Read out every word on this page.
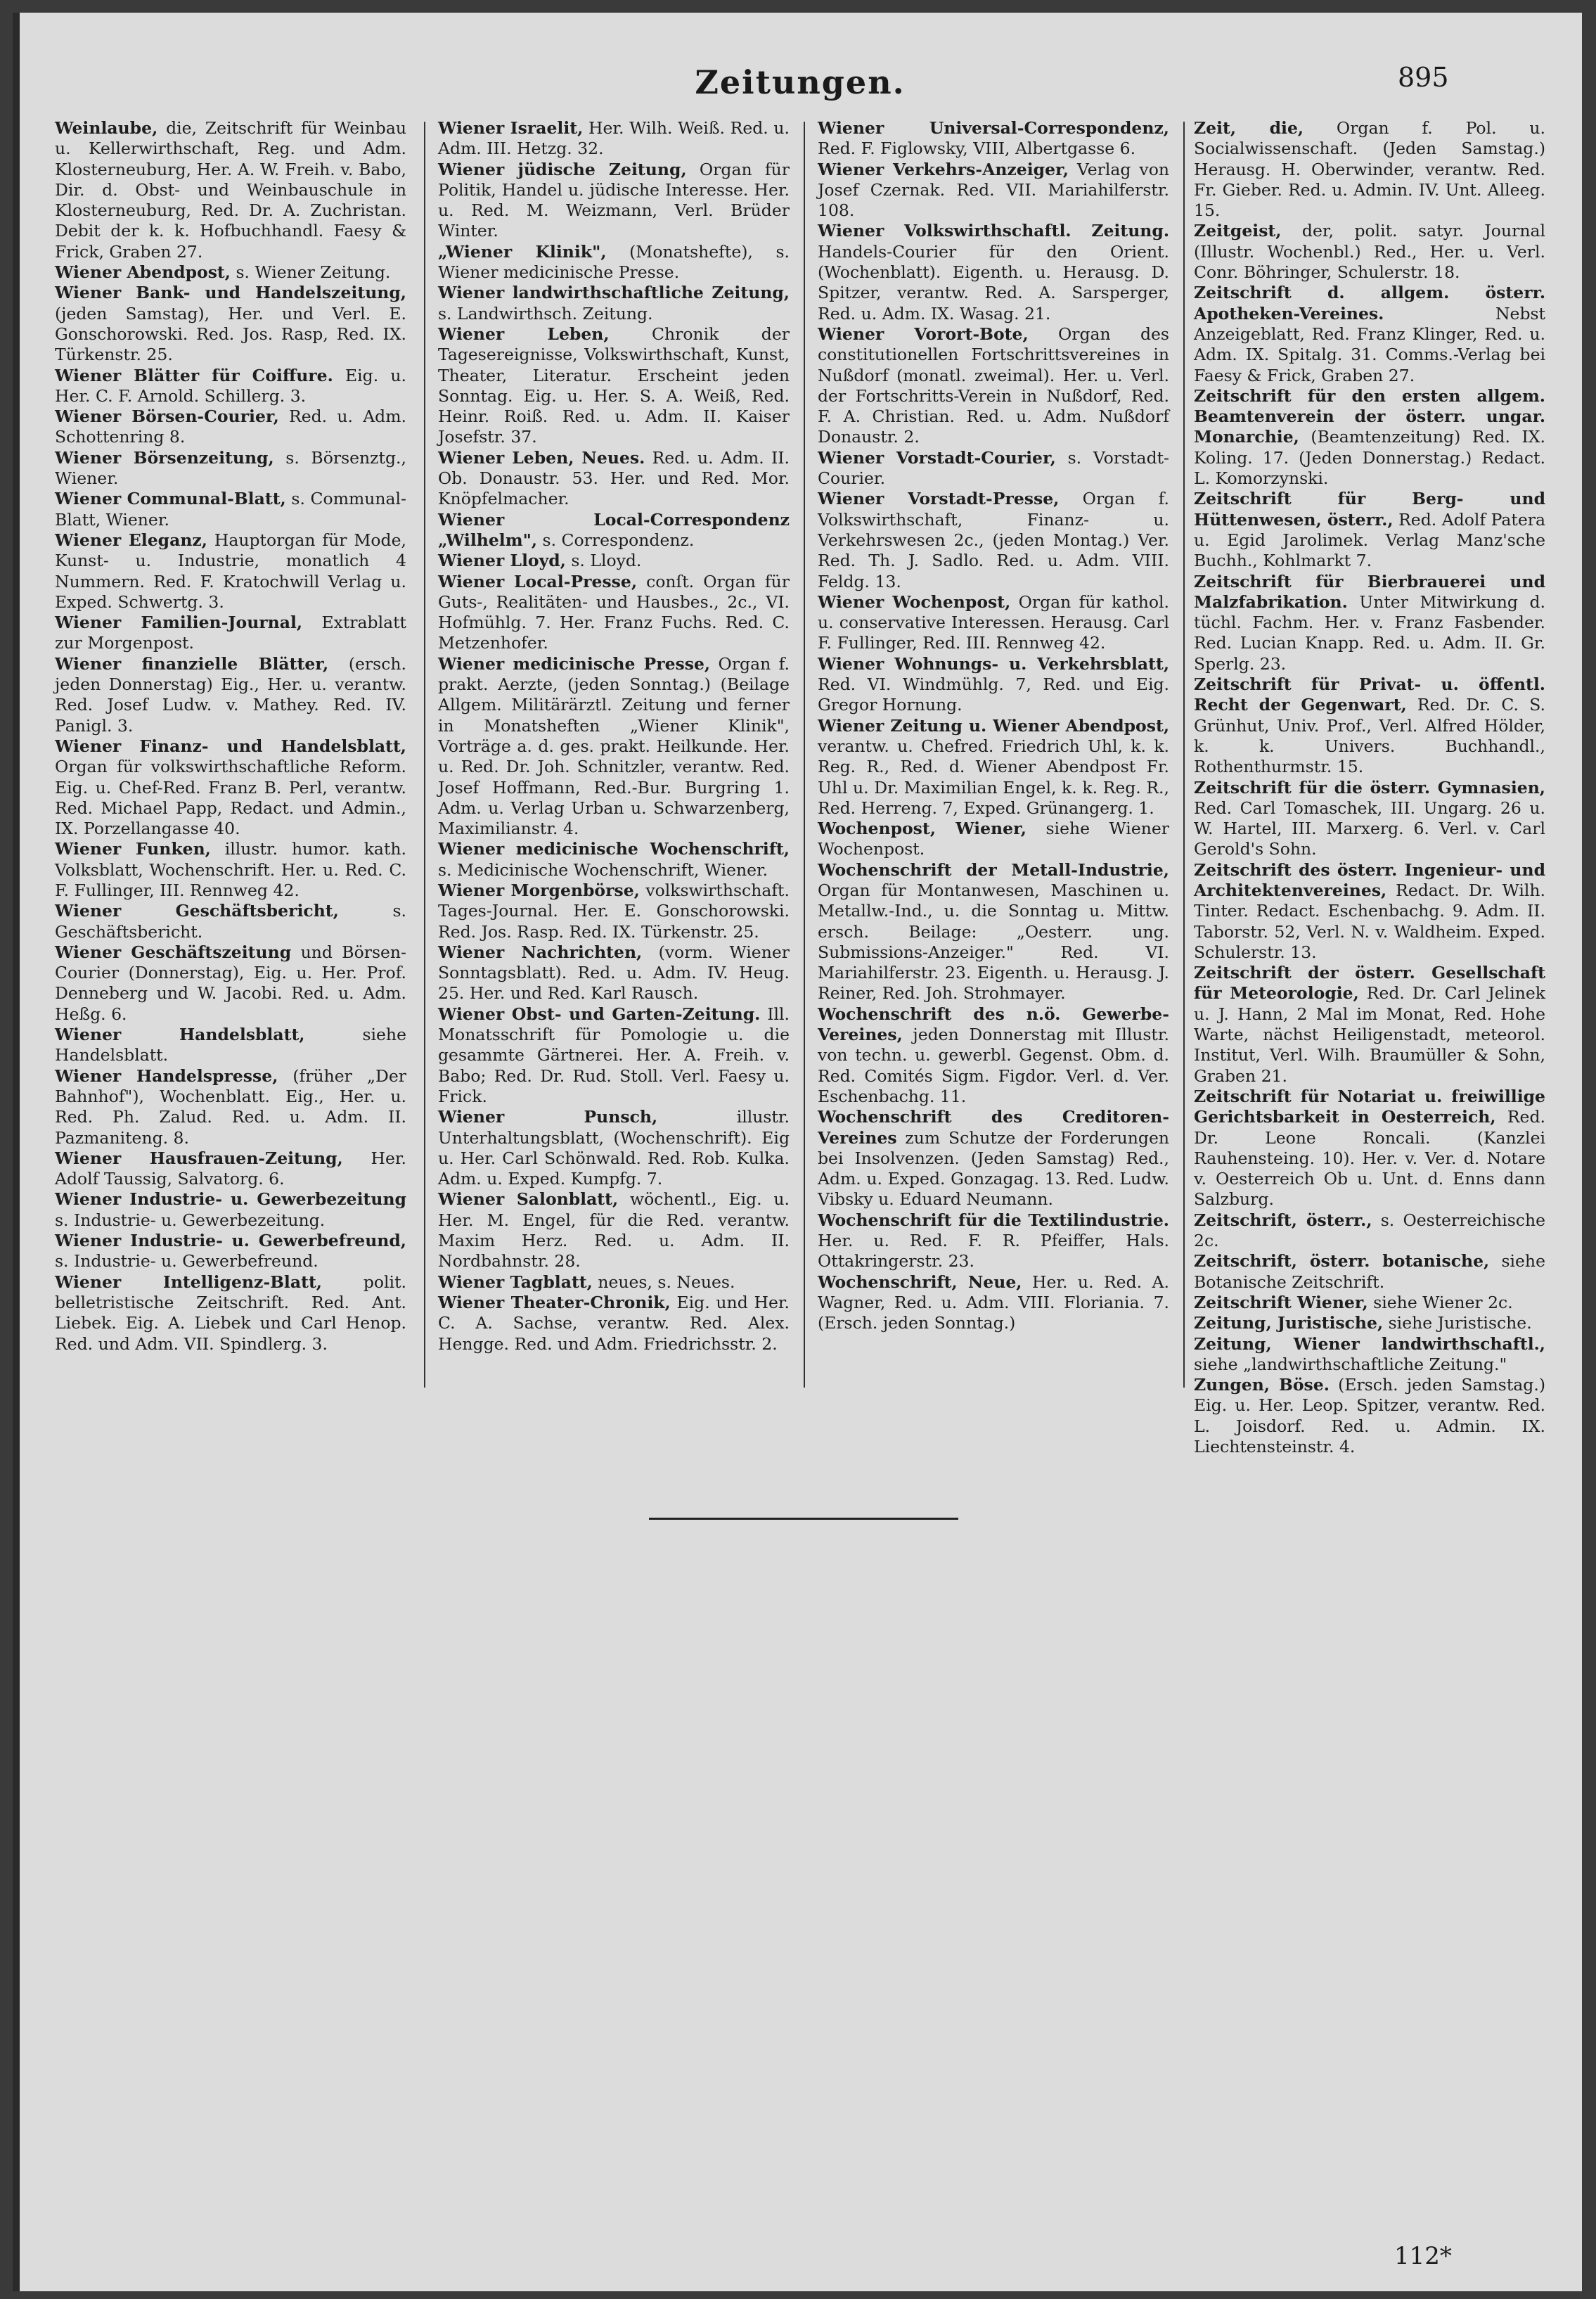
Zeitungen.	895

Weinlaube, die, Zeitschrift für Weinbau u. Kellerwirthschaft, Reg. und Adm. Klosterneuburg, Her. A. W. Freih. v. Babo, Dir. d. Obst- und Weinbauschule in Klosterneuburg, Red. Dr. A. Zuchristan. Debit der k. k. Hofbuchhandl. Faesy & Frick, Graben 27.

Wiener Abendpost, s. Wiener Zeitung.

Wiener Bank- und Handelszeitung, (jeden Samstag), Her. und Verl. E. Gonschorowski. Red. Jos. Rasp, Red. IX. Türkenstr. 25.

Wiener Blätter für Coiffure. Eig. u. Her. C. F. Arnold. Schillerg. 3.

Wiener Börsen-Courier, Red. u. Adm. Schottenring 8.

Wiener Börsenzeitung, s. Börsenztg., Wiener.

Wiener Communal-Blatt, s. Communal-Blatt, Wiener.

Wiener Eleganz, Hauptorgan für Mode, Kunst- u. Industrie, monatlich 4 Nummern. Red. F. Kratochwill Verlag u. Exped. Schwertg. 3.

Wiener Familien-Journal, Extrablatt zur Morgenpost.

Wiener finanzielle Blätter, (ersch. jeden Donnerstag) Eig., Her. u. verantw. Red. Josef Ludw. v. Mathey. Red. IV. Panigl. 3.

Wiener Finanz- und Handelsblatt, Organ für volkswirthschaftliche Reform. Eig. u. Chef-Red. Franz B. Perl, verantw. Red. Michael Papp, Redact. und Admin., IX. Porzellangasse 40.

Wiener Funken, illustr. humor. kath. Volksblatt, Wochenschrift. Her. u. Red. C. F. Fullinger, III. Rennweg 42.

Wiener Geschäftsbericht,	s. Geschäftsbericht.

Wiener Geschäftszeitung und Börsen-Courier (Donnerstag), Eig. u. Her. Prof. Denneberg und W. Jacobi. Red. u. Adm. Heßg. 6.

Wiener Handelsblatt,	siehe Handelsblatt.

Wiener Handelspresse, (früher „Der Bahnhof"), Wochenblatt. Eig., Her. u. Red. Ph. Zalud. Red. u. Adm. II. Pazmaniteng. 8.

Wiener Hausfrauen-Zeitung, Her. Adolf Taussig, Salvatorg. 6.

Wiener Industrie- u. Gewerbezeitung s. Industrie- u. Gewerbezeitung.

Wiener Industrie- u. Gewerbefreund, s. Industrie- u. Gewerbefreund.

Wiener Intelligenz-Blatt,	polit. belletristische Zeitschrift. Red. Ant. Liebek. Eig. A. Liebek und Carl Henop. Red. und Adm. VII. Spindlerg. 3.

Wiener Israelit, Her. Wilh. Weiß. Red. u. Adm. III. Hetzg. 32.

Wiener jüdische Zeitung, Organ für Politik, Handel u. jüdische Interesse. Her. u. Red. M. Weizmann, Verl. Brüder Winter.

„Wiener Klinik", (Monatshefte), s. Wiener medicinische Presse.

Wiener landwirthschaftliche Zeitung, s. Landwirthsch. Zeitung.

Wiener Leben,	Chronik der Tagesereignisse, Volkswirthschaft, Kunst, Theater, Literatur. Erscheint jeden Sonntag. Eig. u. Her. S. A. Weiß, Red. Heinr. Roiß. Red. u. Adm. II. Kaiser Josefstr. 37.

Wiener Leben, Neues. Red. u. Adm. II. Ob. Donaustr. 53. Her. und Red. Mor. Knöpfelmacher.

Wiener Local-Correspondenz „Wilhelm", s. Correspondenz.

Wiener Lloyd, s. Lloyd.

Wiener Local-Presse, conſt. Organ für Guts-, Realitäten- und Hausbes., 2c., VI. Hofmühlg. 7. Her. Franz Fuchs. Red. C. Metzenhofer.

Wiener medicinische Presse, Organ f. prakt. Aerzte, (jeden Sonntag.) (Beilage Allgem. Militärärztl. Zeitung und ferner in Monatsheften „Wiener Klinik", Vorträge a. d. ges. prakt. Heilkunde. Her. u. Red. Dr. Joh. Schnitzler, verantw. Red. Josef Hoffmann, Red.-Bur. Burgring 1. Adm. u. Verlag Urban u. Schwarzenberg, Maximilianstr. 4.

Wiener medicinische Wochenschrift, s. Medicinische Wochenschrift, Wiener.

Wiener Morgenbörse, volkswirthschaft. Tages-Journal. Her. E. Gonschorowski. Red. Jos. Rasp. Red. IX. Türkenstr. 25.

Wiener Nachrichten, (vorm. Wiener Sonntagsblatt). Red. u. Adm. IV. Heug. 25. Her. und Red. Karl Rausch.

Wiener Obst- und Garten-Zeitung. Ill. Monatsschrift für Pomologie u. die gesammte Gärtnerei. Her. A. Freih. v. Babo; Red. Dr. Rud. Stoll. Verl. Faesy u. Frick.

Wiener Punsch,	illustr. Unterhaltungsblatt, (Wochenschrift). Eig u. Her. Carl Schönwald. Red. Rob. Kulka. Adm. u. Exped. Kumpfg. 7.

Wiener Salonblatt, wöchentl., Eig. u. Her. M. Engel, für die Red. verantw. Maxim Herz. Red. u. Adm. II. Nordbahnstr. 28.

Wiener Tagblatt, neues, s. Neues.

Wiener Theater-Chronik, Eig. und Her. C. A. Sachse, verantw. Red. Alex. Hengge. Red. und Adm. Friedrichsstr. 2.

Wiener Universal-Correspondenz, Red. F. Figlowsky, VIII, Albertgasse 6.

Wiener Verkehrs-Anzeiger, Verlag von Josef Czernak. Red. VII. Mariahilferstr. 108.

Wiener Volkswirthschaftl. Zeitung. Handels-Courier für den Orient. (Wochenblatt). Eigenth. u. Herausg. D. Spitzer, verantw. Red. A. Sarsperger, Red. u. Adm. IX. Wasag. 21.

Wiener Vorort-Bote, Organ des constitutionellen Fortschrittsvereines in Nußdorf (monatl. zweimal). Her. u. Verl. der Fortschritts-Verein in Nußdorf, Red. F. A. Christian. Red. u. Adm. Nußdorf Donaustr. 2.

Wiener Vorstadt-Courier, s. Vorstadt-Courier.

Wiener Vorstadt-Presse, Organ f. Volkswirthschaft, Finanz- u. Verkehrswesen 2c., (jeden Montag.) Ver. Red. Th. J. Sadlo. Red. u. Adm. VIII. Feldg. 13.

Wiener Wochenpost, Organ für kathol. u. conservative Interessen. Herausg. Carl F. Fullinger, Red. III. Rennweg 42.

Wiener Wohnungs- u. Verkehrsblatt, Red. VI. Windmühlg. 7, Red. und Eig. Gregor Hornung.

Wiener Zeitung u. Wiener Abendpost, verantw. u. Chefred. Friedrich Uhl, k. k. Reg. R., Red. d. Wiener Abendpost Fr. Uhl u. Dr. Maximilian Engel, k. k. Reg. R., Red. Herreng. 7, Exped. Grünangerg. 1.

Wochenpost, Wiener, siehe Wiener Wochenpost.

Wochenschrift der Metall-Industrie, Organ für Montanwesen, Maschinen u. Metallw.-Ind., u. die Sonntag u. Mittw. ersch. Beilage: „Oesterr. ung. Submissions-Anzeiger." Red. VI. Mariahilferstr. 23. Eigenth. u. Herausg. J. Reiner, Red. Joh. Strohmayer.

Wochenschrift des n.ö. Gewerbe-Vereines, jeden Donnerstag mit Illustr. von techn. u. gewerbl. Gegenst. Obm. d. Red. Comités Sigm. Figdor. Verl. d. Ver. Eschenbachg. 11.

Wochenschrift des Creditoren-Vereines zum Schutze der Forderungen bei Insolvenzen. (Jeden Samstag) Red., Adm. u. Exped. Gonzagag. 13. Red. Ludw. Vibsky u. Eduard Neumann.

Wochenschrift für die Textilindustrie. Her. u. Red. F. R. Pfeiffer, Hals. Ottakringerstr. 23.

Wochenschrift, Neue, Her. u. Red. A. Wagner, Red. u. Adm. VIII. Floriania. 7. (Ersch. jeden Sonntag.)

Zeit, die, Organ f. Pol. u. Socialwissenschaft. (Jeden Samstag.) Herausg. H. Oberwinder, verantw. Red. Fr. Gieber. Red. u. Admin. IV. Unt. Alleeg. 15.

Zeitgeist, der, polit. satyr. Journal (Illustr. Wochenbl.) Red., Her. u. Verl. Conr. Böhringer, Schulerstr. 18.

Zeitschrift d. allgem. österr. Apotheken-Vereines.	Nebst Anzeigeblatt, Red. Franz Klinger, Red. u. Adm. IX. Spitalg. 31. Comms.-Verlag bei Faesy & Frick, Graben 27.

Zeitschrift für den ersten allgem. Beamtenverein der österr. ungar. Monarchie, (Beamtenzeitung) Red. IX. Koling. 17. (Jeden Donnerstag.) Redact. L. Komorzynski.

Zeitschrift für Berg- und Hüttenwesen, österr., Red. Adolf Patera u. Egid Jarolimek. Verlag Manz'sche Buchh., Kohlmarkt 7.

Zeitschrift für Bierbrauerei und Malzfabrikation. Unter Mitwirkung d. tüchl. Fachm. Her. v. Franz Fasbender. Red. Lucian Knapp. Red. u. Adm. II. Gr. Sperlg. 23.

Zeitschrift für Privat- u. öffentl. Recht der Gegenwart, Red. Dr. C. S. Grünhut, Univ. Prof., Verl. Alfred Hölder, k. k. Univers. Buchhandl., Rothenthurmstr. 15.

Zeitschrift für die österr. Gymnasien, Red. Carl Tomaschek, III. Ungarg. 26 u. W. Hartel, III. Marxerg. 6. Verl. v. Carl Gerold's Sohn.

Zeitschrift des österr. Ingenieur- und Architektenvereines, Redact. Dr. Wilh. Tinter. Redact. Eschenbachg. 9. Adm. II. Taborstr. 52, Verl. N. v. Waldheim. Exped. Schulerstr. 13.

Zeitschrift der österr. Gesellschaft für Meteorologie, Red. Dr. Carl Jelinek u. J. Hann, 2 Mal im Monat, Red. Hohe Warte, nächst Heiligenstadt, meteorol. Institut, Verl. Wilh. Braumüller & Sohn, Graben 21.

Zeitschrift für Notariat u. freiwillige Gerichtsbarkeit in Oesterreich, Red. Dr. Leone Roncali. (Kanzlei Rauhensteing. 10). Her. v. Ver. d. Notare v. Oesterreich Ob u. Unt. d. Enns dann Salzburg.

Zeitschrift, österr., s. Oesterreichische 2c.

Zeitschrift, österr. botanische, siehe Botanische Zeitschrift.

Zeitschrift Wiener, siehe Wiener 2c.

Zeitung, Juristische, siehe Juristische.

Zeitung, Wiener landwirthschaftl., siehe „landwirthschaftliche Zeitung."

Zungen, Böse. (Ersch. jeden Samstag.) Eig. u. Her. Leop. Spitzer, verantw. Red. L. Joisdorf. Red. u. Admin. IX. Liechtensteinstr. 4.

112*
